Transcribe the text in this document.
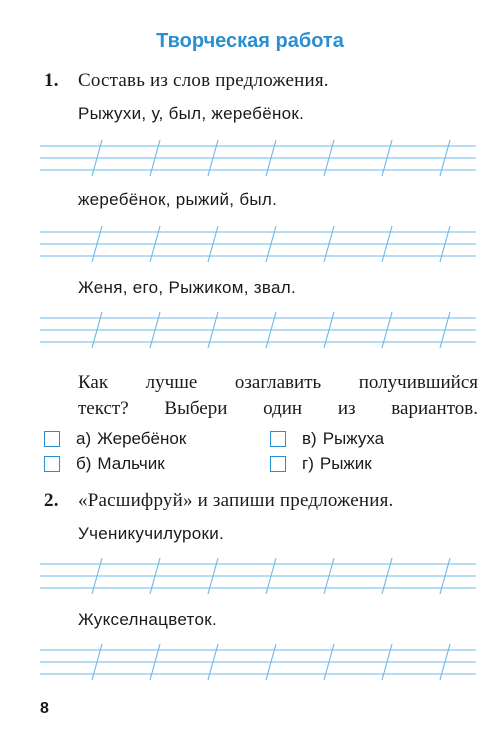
Творческая работа
1. Составь из слов предложения.
Рыжухи, у, был, жеребёнок.
жеребёнок, рыжий, был.
Женя, его, Рыжиком, звал.
Как лучше озаглавить получившийся
текст? Выбери один из вариантов.
а) Жеребёнок	в) Рыжуха
б) Мальчик	г) Рыжик
2. «Расшифруй» и запиши предложения.
Ученикучилуроки.
Жукселнацветок.
8
